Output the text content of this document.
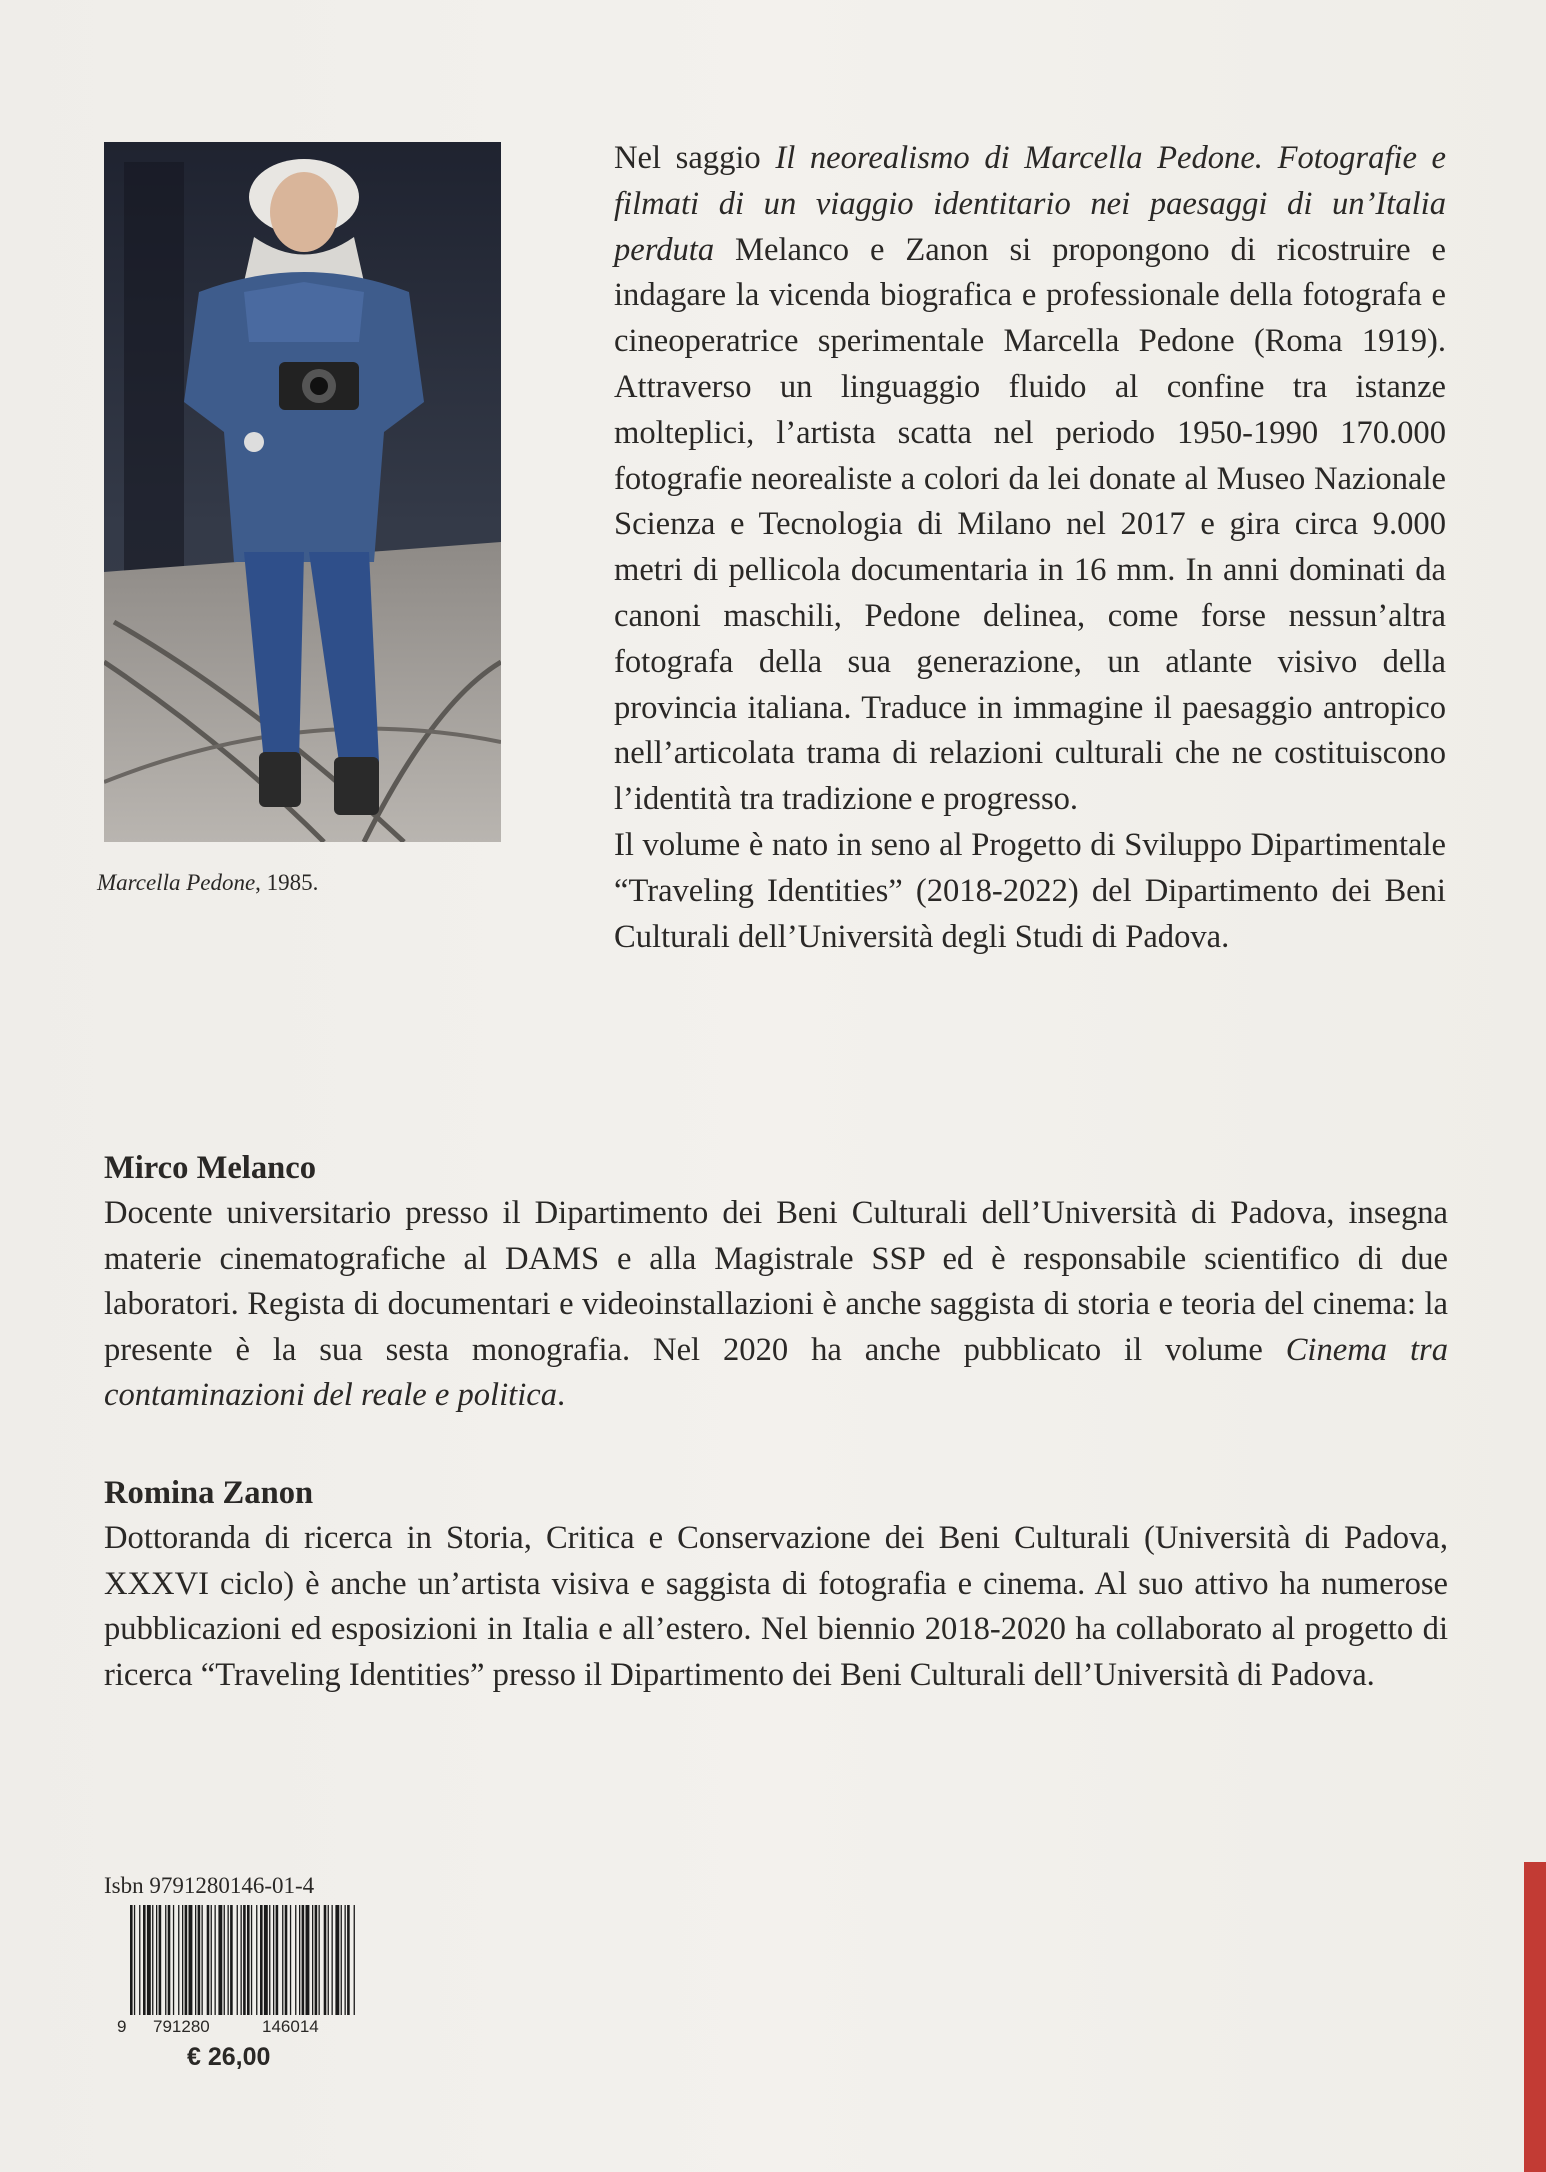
Marcella Pedone, 1985.

Nel saggio Il neorealismo di Marcella Pedone. Fotografie e filmati di un viaggio identitario nei paesaggi di un’Italia perduta Melanco e Zanon si propongono di ricostruire e indagare la vicenda biografica e professionale della fotografa e cineoperatrice sperimentale Marcella Pedone (Roma 1919). Attraverso un linguaggio fluido al confine tra istanze molteplici, l’artista scatta nel periodo 1950-1990 170.000 fotografie neorealiste a colori da lei donate al Museo Nazionale Scienza e Tecnologia di Milano nel 2017 e gira circa 9.000 metri di pellicola documentaria in 16 mm. In anni dominati da canoni maschili, Pedone delinea, come forse nessun’altra fotografa della sua generazione, un atlante visivo della provincia italiana. Traduce in immagine il paesaggio antropico nell’articolata trama di relazioni culturali che ne costituiscono l’identità tra tradizione e progresso.

Il volume è nato in seno al Progetto di Sviluppo Dipartimentale “Traveling Identities” (2018-2022) del Dipartimento dei Beni Culturali dell’Università degli Studi di Padova.

Mirco Melanco

Docente universitario presso il Dipartimento dei Beni Culturali dell’Università di Padova, insegna materie cinematografiche al DAMS e alla Magistrale SSP ed è responsabile scientifico di due laboratori. Regista di documentari e videoinstallazioni è anche saggista di storia e teoria del cinema: la presente è la sua sesta monografia. Nel 2020 ha anche pubblicato il volume Cinema tra contaminazioni del reale e politica.

Romina Zanon

Dottoranda di ricerca in Storia, Critica e Conservazione dei Beni Culturali (Università di Padova, XXXVI ciclo) è anche un’artista visiva e saggista di fotografia e cinema. Al suo attivo ha numerose pubblicazioni ed esposizioni in Italia e all’estero. Nel biennio 2018-2020 ha collaborato al progetto di ricerca “Traveling Identities” presso il Dipartimento dei Beni Culturali dell’Università di Padova.

Isbn 9791280146-01-4
9 791280	146014
€ 26,00
